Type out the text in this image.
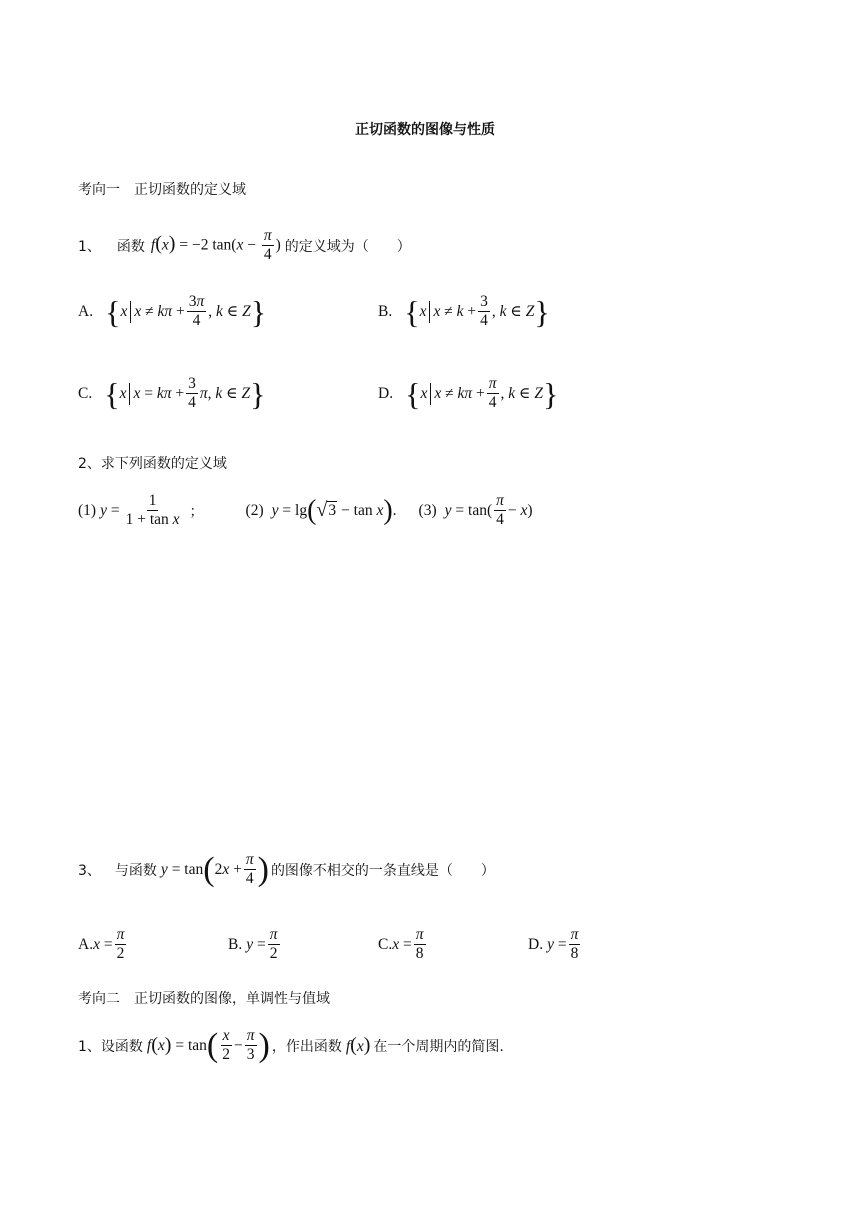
正切函数的图像与性质
考向一　正切函数的定义域
1、 函数 f(x) = −2 $\tan(x - \frac{\pi}{4}$ ) 的定义域为（　　）
A. { x $x \ne k\pi + \frac{3\pi}{4}$ , k ∈ Z }	B. { x $x \ne k + \frac{3}{4}$ , k ∈ Z }
C. { x $x = k\pi + \frac{3}{4}$ π , k ∈ Z }	D. { x $x \ne k\pi + \frac{\pi}{4}$ , k ∈ Z }
2、求下列函数的定义域
(1) $y = \frac{1}{\text{1 + tan x}}$ ；	(2) y = lg ( √3 − tan x ) . (3) $y = \tan( \frac{\pi}{4} - x$ )
3、 与函数 y = tan ( 2 $x + \frac{\pi}{4}$ ) 的图像不相交的一条直线是（　　）
A. $x = \frac{\pi}{2}$	B. $y = \frac{\pi}{2}$	C. $x = \frac{\pi}{8}$	D. $y = \frac{\pi}{8}$
考向二　正切函数的图像，单调性与值域
1、设函数 f ( x ) = tan ( $\frac{x}{2} - \frac{\pi}{3}$ ) ，作出函数 f(x) 在一个周期内的简图.
